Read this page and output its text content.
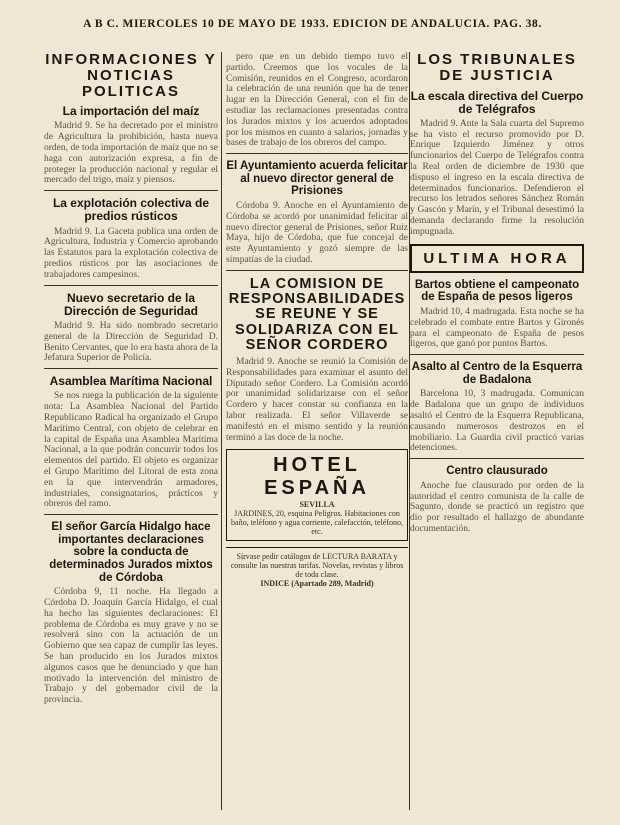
A B C. MIERCOLES 10 DE MAYO DE 1933. EDICION DE ANDALUCIA. PAG. 38.

INFORMACIONES Y NOTICIAS POLITICAS

La importación del maíz

Madrid 9. Se ha decretado por el ministro de Agricultura la prohibición, hasta nueva orden, de toda importación de maíz que no se haga con autorización expresa, a fin de proteger la producción nacional y regular el mercado del trigo, maíz y piensos.

La explotación colectiva de predios rústicos

Madrid 9. La Gaceta publica una orden de Agricultura, Industria y Comercio aprobando las Estatutos para la explotación colectiva de predios rústicos por las asociaciones de trabajadores campesinos.

Nuevo secretario de la Dirección de Seguridad

Madrid 9. Ha sido nombrado secretario general de la Dirección de Seguridad D. Benito Cervantes, que lo era hasta ahora de la Jefatura Superior de Policía.

Asamblea Marítima Nacional

Se nos ruega la publicación de la siguiente nota: La Asamblea Nacional del Partido Republicano Radical ha organizado el Grupo Marítimo Central, con objeto de celebrar en la capital de España una Asamblea Marítima Nacional, a la que podrán concurrir todos los elementos del partido. El objeto es organizar el Grupo Marítimo del Litoral de esta zona en la que intervendrán armadores, industriales, consignatarios, prácticos y obreros del ramo.

El señor García Hidalgo hace importantes declaraciones sobre la conducta de determinados Jurados mixtos de Córdoba

Córdoba 9, 11 noche. Ha llegado a Córdoba D. Joaquín García Hidalgo, el cual ha hecho las siguientes declaraciones: El problema de Córdoba es muy grave y no se resolverá sino con la actuación de un Gobierno que sea capaz de cumplir las leyes. Se han producido en los Jurados mixtos algunos casos que he denunciado y que han motivado la intervención del ministro de Trabajo y del gobernador civil de la provincia.

pero que en un debido tiempo tuvo el partido. Creemos que los vocales de la Comisión, reunidos en el Congreso, acordaron la celebración de una reunión que ha de tener lugar en la Dirección General, con el fin de estudiar las reclamaciones presentadas contra los Jurados mixtos y los acuerdos adoptados por los mismos en cuanto a salarios, jornadas y bases de trabajo de los obreros del campo.

El Ayuntamiento acuerda felicitar al nuevo director general de Prisiones

Córdoba 9. Anoche en el Ayuntamiento de Córdoba se acordó por unanimidad felicitar al nuevo director general de Prisiones, señor Ruiz Maya, hijo de Córdoba, que fue concejal de este Ayuntamiento y gozó siempre de las simpatías de la ciudad.

LA COMISION DE RESPONSABILIDADES SE REUNE Y SE SOLIDARIZA CON EL SEÑOR CORDERO

Madrid 9. Anoche se reunió la Comisión de Responsabilidades para examinar el asunto del Diputado señor Cordero. La Comisión acordó por unanimidad solidarizarse con el señor Cordero y hacer constar su confianza en la labor realizada. El señor Villaverde se manifestó en el mismo sentido y la reunión terminó a las doce de la noche.

HOTEL ESPAÑA
SEVILLA
JARDINES, 20, esquina Peligros. Habitaciones con baño, teléfono y agua corriente, calefacción, teléfono, etc.
Sírvase pedir catálogos de LECTURA BARATA y consulte las nuestras tarifas. Novelas, revistas y libros de toda clase.
INDICE (Apartado 289, Madrid)

LOS TRIBUNALES DE JUSTICIA

La escala directiva del Cuerpo de Telégrafos

Madrid 9. Ante la Sala cuarta del Supremo se ha visto el recurso promovido por D. Enrique Izquierdo Jiménez y otros funcionarios del Cuerpo de Telégrafos contra la Real orden de diciembre de 1930 que dispuso el ingreso en la escala directiva de determinados funcionarios. Defendieron el recurso los letrados señores Sánchez Román y Gascón y Marín, y el Tribunal desestimó la demanda declarando firme la resolución impugnada.

ULTIMA HORA

Bartos obtiene el campeonato de España de pesos ligeros

Madrid 10, 4 madrugada. Esta noche se ha celebrado el combate entre Bartos y Gironés para el campeonato de España de pesos ligeros, que ganó por puntos Bartos.

Asalto al Centro de la Esquerra de Badalona

Barcelona 10, 3 madrugada. Comunican de Badalona que un grupo de individuos asaltó el Centro de la Esquerra Republicana, causando numerosos destrozos en el mobiliario. La Guardia civil practicó varias detenciones.

Centro clausurado

Anoche fue clausurado por orden de la autoridad el centro comunista de la calle de Sagunto, donde se practicó un registro que dio por resultado el hallazgo de abundante documentación.
